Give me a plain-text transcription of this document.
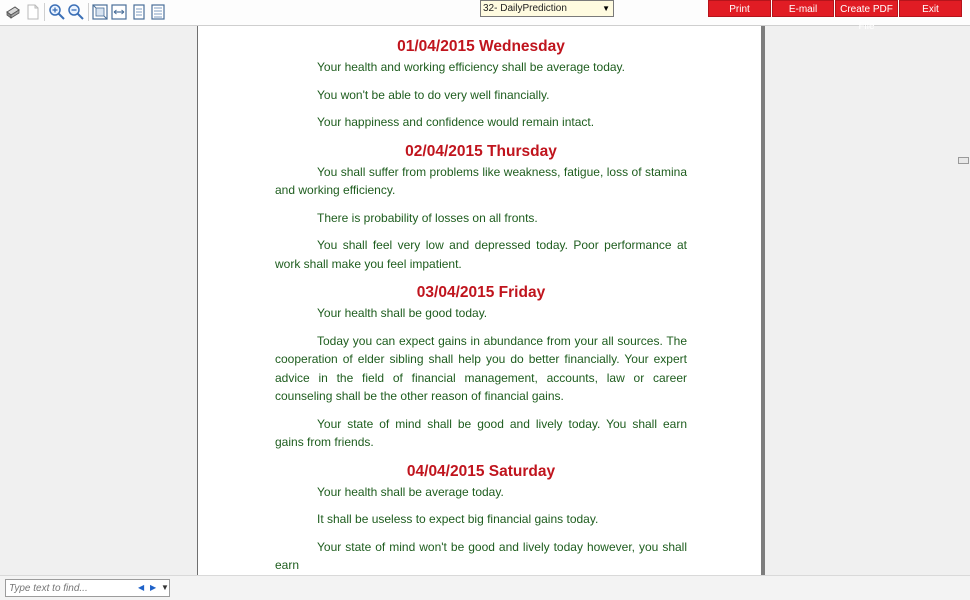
32- DailyPrediction	▼	Print	E-mail	Create PDF File
Exit
01/04/2015 Wednesday

Your health and working efficiency shall be average today.

You won't be able to do very well financially.

Your happiness and confidence would remain intact.

02/04/2015 Thursday

You shall suffer from problems like weakness, fatigue, loss of stamina and working efficiency.

There is probability of losses on all fronts.

You shall feel very low and depressed today. Poor performance at work shall make you feel impatient.

03/04/2015 Friday

Your health shall be good today.

Today you can expect gains in abundance from your all sources. The cooperation of elder sibling shall help you do better financially. Your expert advice in the field of financial management, accounts, law or career counseling shall be the other reason of financial gains.

Your state of mind shall be good and lively today. You shall earn gains from friends.

04/04/2015 Saturday

Your health shall be average today.

It shall be useless to expect big financial gains today.

Your state of mind won't be good and lively today however, you shall earn

Type text to find...
◀ ▶ ▼
